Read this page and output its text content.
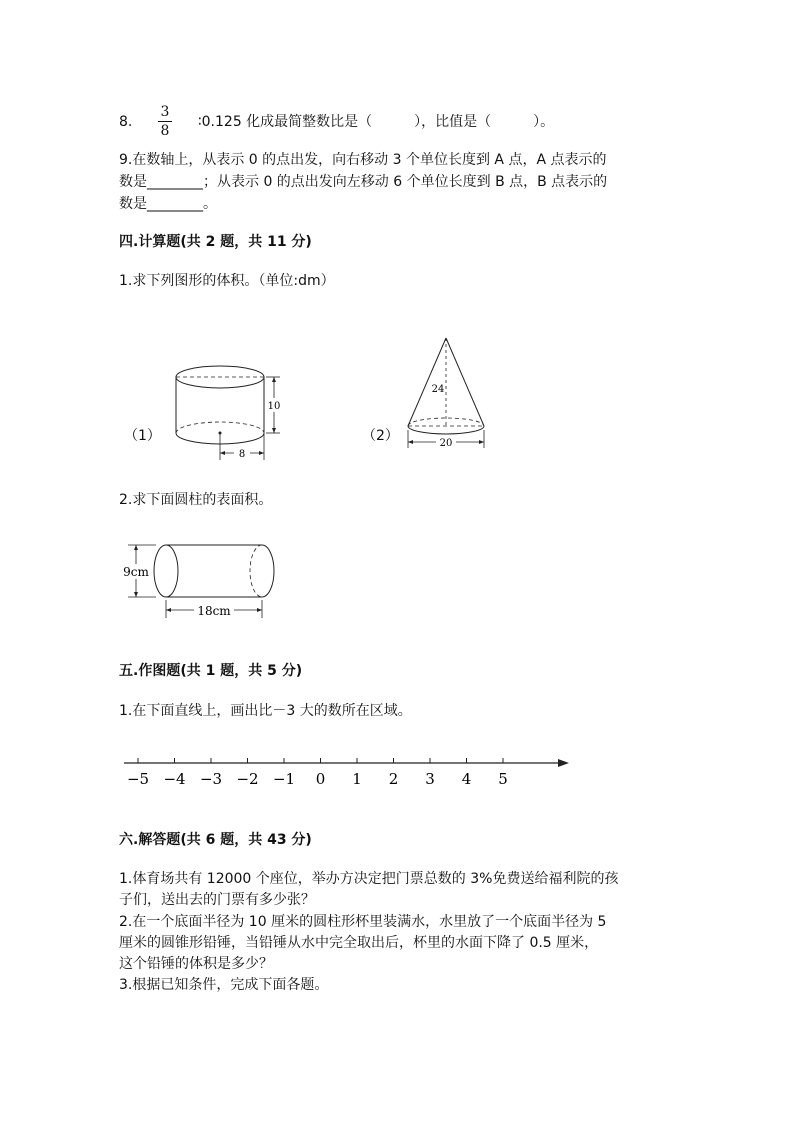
8.
3
8
∶0.125 化成最简整数比是（　　　），比值是（　　　）。
9.在数轴上，从表示 0 的点出发，向右移动 3 个单位长度到 A 点，A 点表示的
数是________；从表示 0 的点出发向左移动 6 个单位长度到 B 点，B 点表示的
数是________。
四.计算题(共 2 题，共 11 分)
1.求下列图形的体积。（单位:dm）
（1）
10
8
（2）
24
20
2.求下面圆柱的表面积。
9cm
18cm
五.作图题(共 1 题，共 5 分)
1.在下面直线上，画出比－3 大的数所在区域。
−5 −4 −3 −2 −1 0 1 2 3 4 5
六.解答题(共 6 题，共 43 分)
1.体育场共有 12000 个座位，举办方决定把门票总数的 3%免费送给福利院的孩
子们，送出去的门票有多少张？
2.在一个底面半径为 10 厘米的圆柱形杯里装满水，水里放了一个底面半径为 5
厘米的圆锥形铅锤，当铅锤从水中完全取出后，杯里的水面下降了 0.5 厘米，
这个铅锤的体积是多少？
3.根据已知条件，完成下面各题。
